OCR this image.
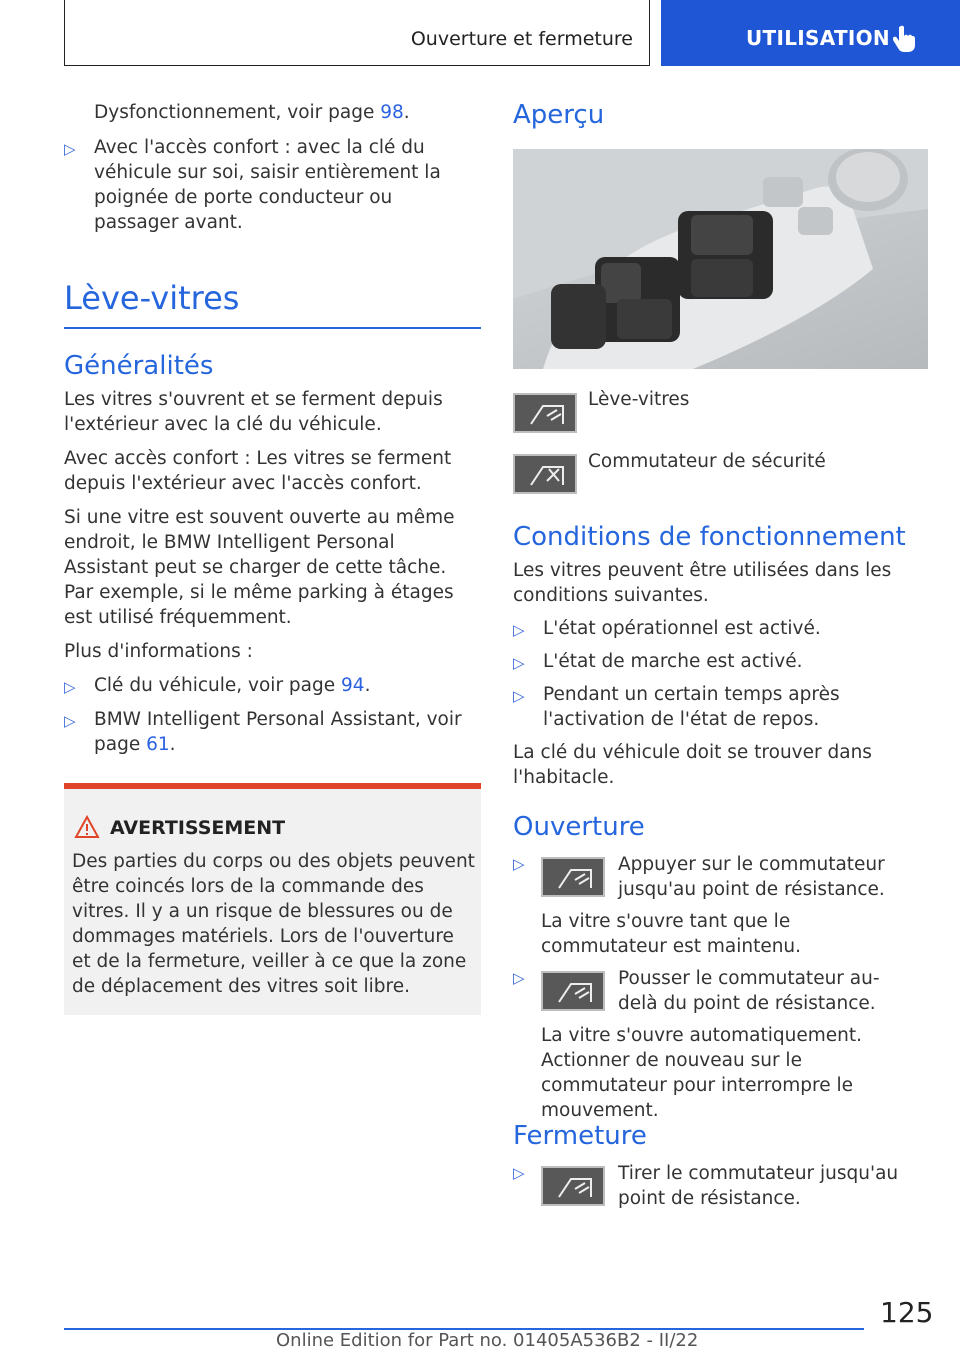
Ouverture et fermeture	UTILISATION

Dysfonctionnement, voir page 98.

▷ Avec l'accès confort : avec la clé du véhicule sur soi, saisir entièrement la poignée de porte conducteur ou passager avant.
Lève-vitres
Généralités

Les vitres s'ouvrent et se ferment depuis l'extérieur avec la clé du véhicule.

Avec accès confort : Les vitres se ferment depuis l'extérieur avec l'accès confort.

Si une vitre est souvent ouverte au même endroit, le BMW Intelligent Personal Assistant peut se charger de cette tâche. Par exemple, si le même parking à étages est utilisé fréquemment.

Plus d'informations :

▷ Clé du véhicule, voir page 94.
▷ BMW Intelligent Personal Assistant, voir page 61.
AVERTISSEMENT

Des parties du corps ou des objets peuvent être coincés lors de la commande des vitres. Il y a un risque de blessures ou de dommages matériels. Lors de l'ouverture et de la fermeture, veiller à ce que la zone de déplacement des vitres soit libre.

Aperçu

Lève-vitres

Commutateur de sécurité

Conditions de fonctionnement

Les vitres peuvent être utilisées dans les conditions suivantes.

▷ L'état opérationnel est activé.
▷ L'état de marche est activé.
▷ Pendant un certain temps après l'activation de l'état de repos.

La clé du véhicule doit se trouver dans l'habitacle.

Ouverture
▷	Appuyer sur le commutateur jusqu'au point de résistance.

La vitre s'ouvre tant que le commutateur est maintenu.

▷	Pousser le commutateur au-delà du point de résistance.

La vitre s'ouvre automatiquement. Actionner de nouveau sur le commutateur pour interrompre le mouvement.

Fermeture
▷	Tirer le commutateur jusqu'au point de résistance.

125
Online Edition for Part no. 01405A536B2 - II/22
